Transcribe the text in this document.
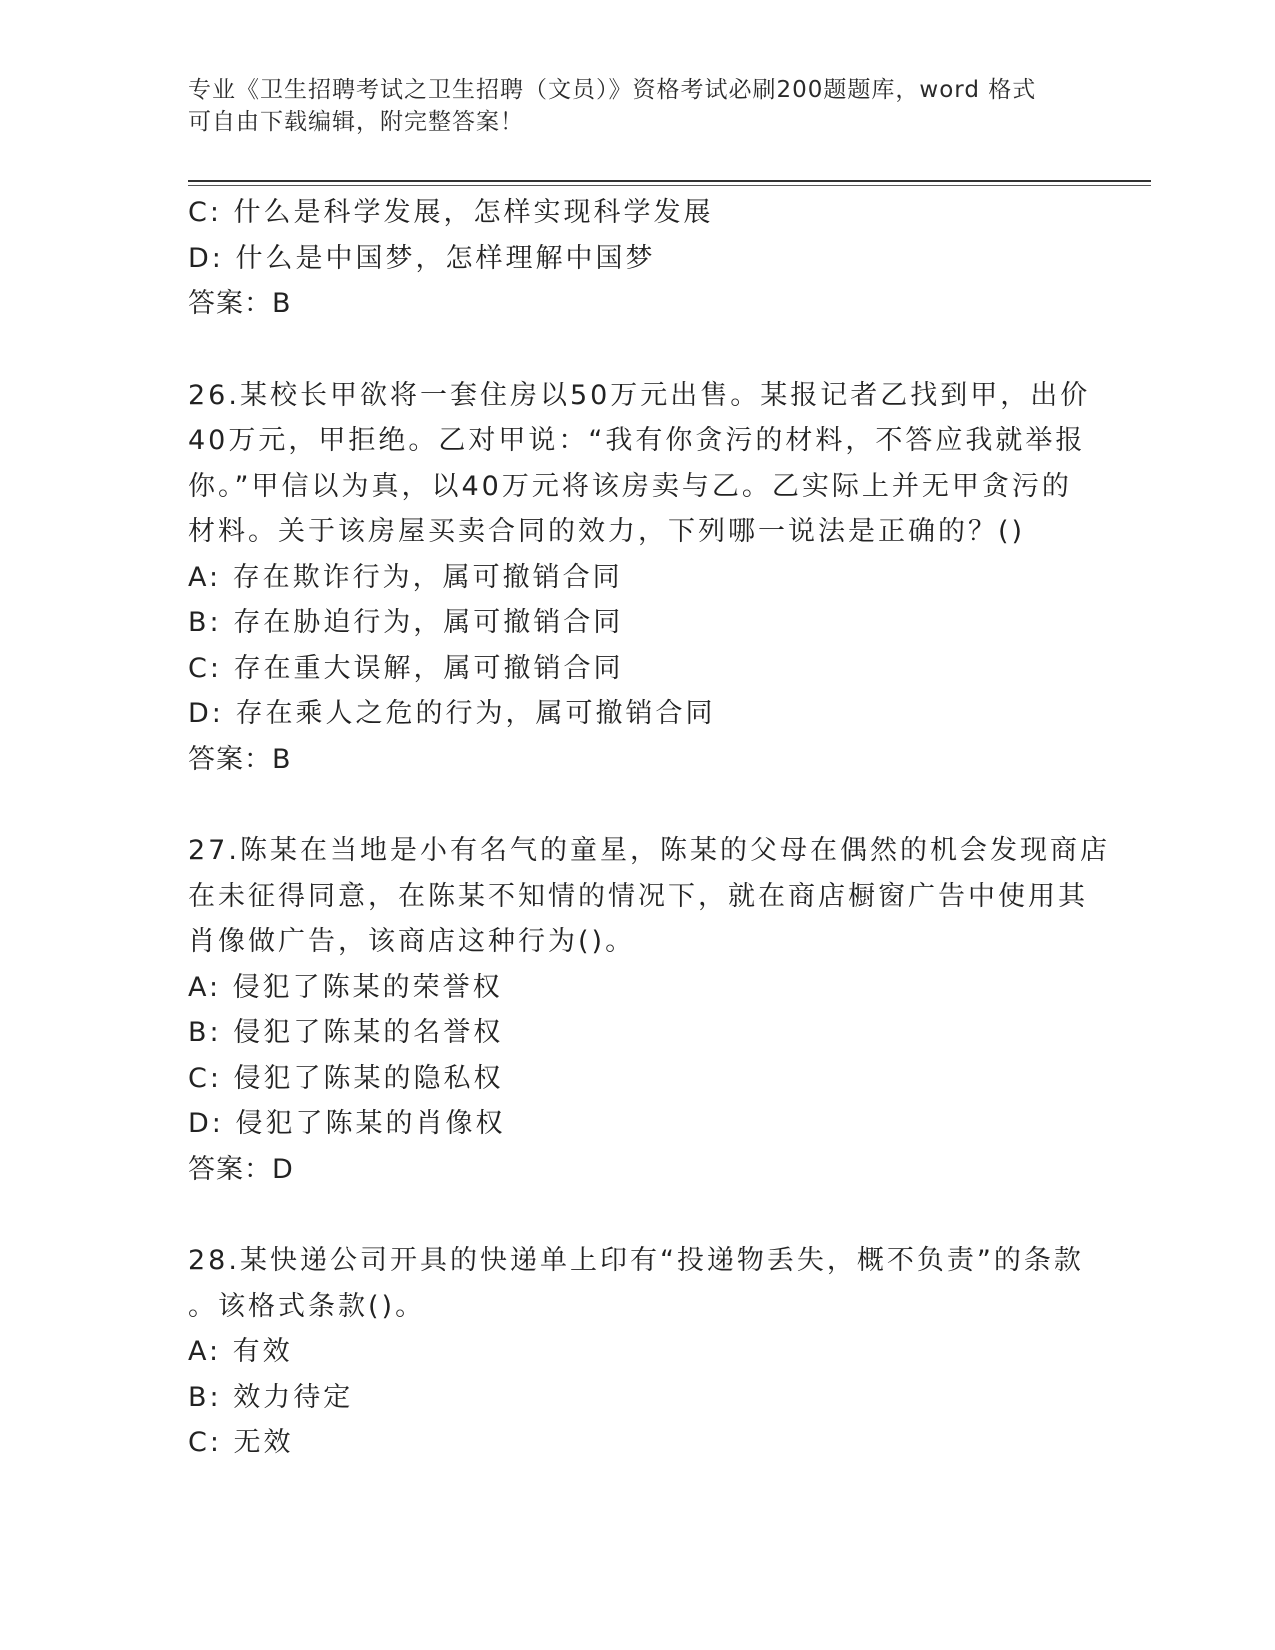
专业《卫生招聘考试之卫生招聘（文员）》资格考试必刷200题题库，word 格式
可自由下载编辑，附完整答案！
C: 什么是科学发展，怎样实现科学发展
D: 什么是中国梦，怎样理解中国梦
答案：B
26.某校长甲欲将一套住房以50万元出售。某报记者乙找到甲，出价
40万元，甲拒绝。乙对甲说：“我有你贪污的材料，不答应我就举报
你。”甲信以为真，以40万元将该房卖与乙。乙实际上并无甲贪污的
材料。关于该房屋买卖合同的效力，下列哪一说法是正确的？()
A: 存在欺诈行为，属可撤销合同
B: 存在胁迫行为，属可撤销合同
C: 存在重大误解，属可撤销合同
D: 存在乘人之危的行为，属可撤销合同
答案：B
27.陈某在当地是小有名气的童星，陈某的父母在偶然的机会发现商店
在未征得同意，在陈某不知情的情况下，就在商店橱窗广告中使用其
肖像做广告，该商店这种行为()。
A: 侵犯了陈某的荣誉权
B: 侵犯了陈某的名誉权
C: 侵犯了陈某的隐私权
D: 侵犯了陈某的肖像权
答案：D
28.某快递公司开具的快递单上印有“投递物丢失，概不负责”的条款
。该格式条款()。
A: 有效
B: 效力待定
C: 无效
